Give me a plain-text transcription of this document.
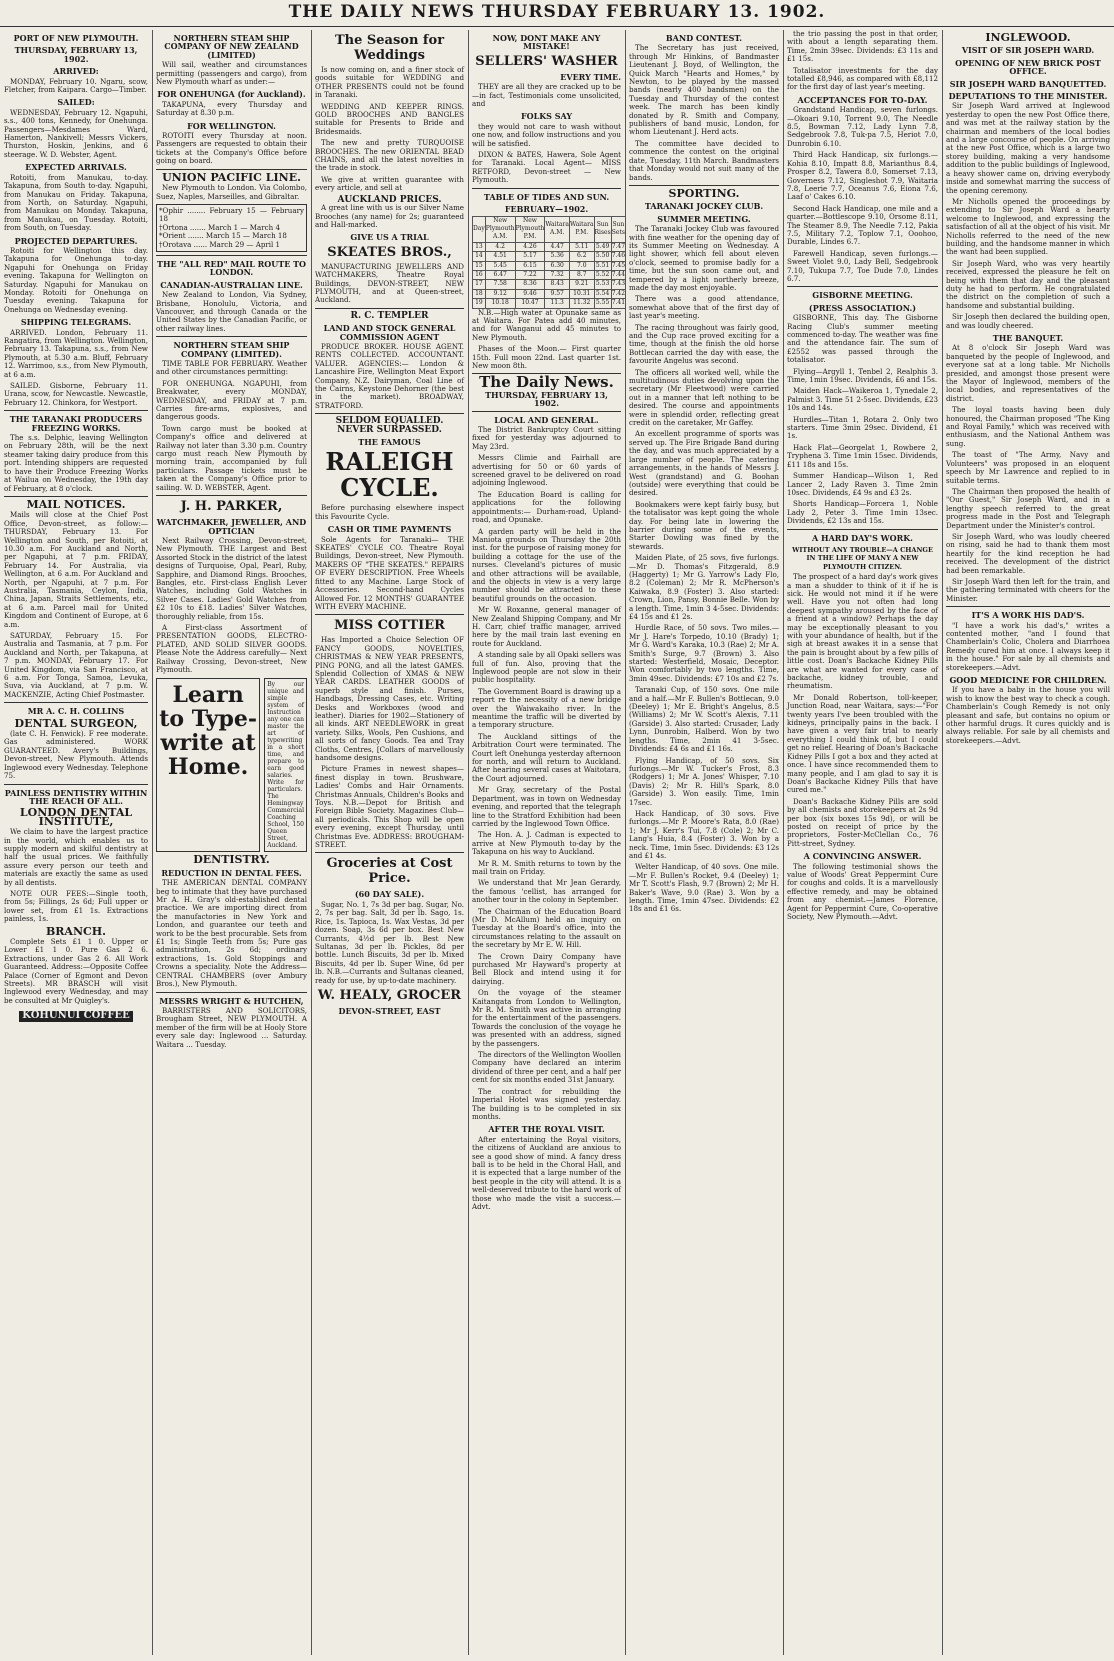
THE DAILY NEWS THURSDAY FEBRUARY 13. 1902.
PORT OF NEW PLYMOUTH.
THURSDAY, FEBRUARY 13, 1902.
ARRIVED:

MONDAY, February 10. Ngaru, scow, Fletcher, from Kaipara. Cargo—Timber.

SAILED:

WEDNESDAY, February 12. Ngapuhi, s.s., 400 tons, Kennedy, for Onehunga. Passengers—Mesdames Ward, Hamerton, Nankivell; Messrs Vickers, Thurston, Hoskin, Jenkins, and 6 steerage. W. D. Webster, Agent.

EXPECTED ARRIVALS.

Rotoiti, from Manukau, to-day. Takapuna, from South to-day. Ngapuhi, from Manukau on Friday. Takapuna, from North, on Saturday. Ngapuhi, from Manukau on Monday. Takapuna, from Manukau, on Tuesday. Rotoiti, from South, on Tuesday.

PROJECTED DEPARTURES.

Rotoiti for Wellington this day. Takapuna for Onehunga to-day. Ngapuhi for Onehunga on Friday evening. Takapuna for Wellington on Saturday. Ngapuhi for Manukau on Monday. Rotoiti for Onehunga on Tuesday evening. Takapuna for Onehunga on Wednesday evening.

SHIPPING TELEGRAMS.

ARRIVED. London, February 11. Rangatira, from Wellington. Wellington, February 13. Takapuna, s.s., from New Plymouth, at 5.30 a.m. Bluff, February 12. Warrimoo, s.s., from New Plymouth, at 6 a.m.

SAILED. Gisborne, February 11. Urana, scow, for Newcastle. Newcastle, February 12. Chinkora, for Westport.

THE TARANAKI PRODUCERS FREEZING WORKS.

The s.s. Delphic, leaving Wellington on February 28th, will be the next steamer taking dairy produce from this port. Intending shippers are requested to have their Produce Freezing Works at Wailua on Wednesday, the 19th day of February, at 8 o'clock.

MAIL NOTICES.

Mails will close at the Chief Post Office, Devon-street, as follow:— THURSDAY, February 13. For Wellington and South, per Rotoiti, at 10.30 a.m. For Auckland and North, per Ngapuhi, at 7 p.m. FRIDAY, February 14. For Australia, via Wellington, at 6 a.m. For Auckland and North, per Ngapuhi, at 7 p.m. For Australia, Tasmania, Ceylon, India, China, Japan, Straits Settlements, etc., at 6 a.m. Parcel mail for United Kingdom and Continent of Europe, at 6 a.m.

SATURDAY, February 15. For Australia and Tasmania, at 7 p.m. For Auckland and North, per Takapuna, at 7 p.m. MONDAY, February 17. For United Kingdom, via San Francisco, at 6 a.m. For Tonga, Samoa, Levuka, Suva, via Auckland, at 7 p.m. W. MACKENZIE, Acting Chief Postmaster.

MR A. C. H. COLLINS
DENTAL SURGEON,

(late C. H. Fenwick). F ree moderate. Gas administered. WORK GUARANTEED. Avery's Buildings, Devon-street, New Plymouth. Attends Inglewood every Wednesday. Telephone 75.

PAINLESS DENTISTRY WITHIN THE REACH OF ALL.
LONDON DENTAL INSTITUTE,

We claim to have the largest practice in the world, which enables us to supply modern and skilful dentistry at half the usual prices. We faithfully assure every person our teeth and materials are exactly the same as used by all dentists.

NOTE OUR FEES:—Single tooth, from 5s; Fillings, 2s 6d; Full upper or lower set, from £1 1s. Extractions painless, 1s.

BRANCH.

Complete Sets £1 1 0. Upper or Lower £1 1 0. Pure Gas 2 6. Extractions, under Gas 2 6. All Work Guaranteed. Address:—Opposite Coffee Palace (Corner of Egmont and Devon Streets). MR BRASCH will visit Inglewood every Wednesday, and may be consulted at Mr Quigley's.

KOHUNUI COFFEE
NORTHERN STEAM SHIP COMPANY OF NEW ZEALAND (LIMITED)

Will sail, weather and circumstances permitting (passengers and cargo), from New Plymouth wharf as under:—

FOR ONEHUNGA (for Auckland).

TAKAPUNA, every Thursday and Saturday at 8.30 p.m.

FOR WELLINGTON.

ROTOITI every Thursday at noon. Passengers are requested to obtain their tickets at the Company's Office before going on board.

UNION PACIFIC LINE.

New Plymouth to London. Via Colombo, Suez, Naples, Marseilles, and Gibraltar.

*Ophir ........ February 15 — February 18
†Ortona ....... March 1 — March 4
*Orient ....... March 15 — March 18
†Orotava ...... March 29 — April 1
THE "ALL RED" MAIL ROUTE TO LONDON.
CANADIAN-AUSTRALIAN LINE.

New Zealand to London, Via Sydney, Brisbane, Honolulu, Victoria, and Vancouver, and through Canada or the United States by the Canadian Pacific, or other railway lines.

NORTHERN STEAM SHIP COMPANY (LIMITED).

TIME TABLE FOR FEBRUARY. Weather and other circumstances permitting:

FOR ONEHUNGA. NGAPUHI, from Breakwater, every MONDAY, WEDNESDAY, and FRIDAY at 7 p.m. Carries fire-arms, explosives, and dangerous goods.

Town cargo must be booked at Company's office and delivered at Railway not later than 3.30 p.m. Country cargo must reach New Plymouth by morning train, accompanied by full particulars. Passage tickets must be taken at the Company's Office prior to sailing. W. D. WEBSTER, Agent.

J. H. PARKER,
WATCHMAKER, JEWELLER, AND OPTICIAN

Next Railway Crossing, Devon-street, New Plymouth. THE Largest and Best Assorted Stock in the district of the latest designs of Turquoise, Opal, Pearl, Ruby, Sapphire, and Diamond Rings. Brooches, Bangles, etc. First-class English Lever Watches, including Gold Watches in Silver Cases. Ladies' Gold Watches from £2 10s to £18. Ladies' Silver Watches, thoroughly reliable, from 15s.

A First-class Assortment of PRESENTATION GOODS, ELECTRO-PLATED, AND SOLID SILVER GOODS. Please Note the Address carefully— Next Railway Crossing, Devon-street, New Plymouth.

Learn to Type-write at Home.
By our unique and simple system of Instruction any one can master the art of typewriting in a short time, and prepare to earn good salaries. Write for particulars. The Hemingway Commercial Coaching School, 150 Queen Street, Auckland.
DENTISTRY.
REDUCTION IN DENTAL FEES.

THE AMERICAN DENTAL COMPANY beg to intimate that they have purchased Mr A. H. Gray's old-established dental practice. We are importing direct from the manufactories in New York and London, and guarantee our teeth and work to be the best procurable. Sets from £1 1s; Single Teeth from 5s; Pure gas administration, 2s 6d; ordinary extractions, 1s. Gold Stoppings and Crowns a speciality. Note the Address— CENTRAL CHAMBERS (over Ambury Bros.), New Plymouth.

MESSRS WRIGHT & HUTCHEN,

BARRISTERS AND SOLICITORS, Brougham Street, NEW PLYMOUTH. A member of the firm will be at Hooly Store every sale day: Inglewood ... Saturday. Waitara ... Tuesday.

The Season for Weddings

Is now coming on, and a finer stock of goods suitable for WEDDING and OTHER PRESENTS could not be found in Taranaki.

WEDDING AND KEEPER RINGS. GOLD BROOCHES AND BANGLES suitable for Presents to Bride and Bridesmaids.

The new and pretty TURQUOISE BROOCHES. The new ORIENTAL BEAD CHAINS, and all the latest novelties in the trade in stock.

We give at written guarantee with every article, and sell at

AUCKLAND PRICES.

A great line with us is our Silver Name Brooches (any name) for 2s; guaranteed and Hall-marked.

GIVE US A TRIAL
SKEATES BROS.,

MANUFACTURING JEWELLERS AND WATCHMAKERS, Theatre Royal Buildings, DEVON-STREET, NEW PLYMOUTH, and at Queen-street, Auckland.

R. C. TEMPLER
LAND AND STOCK GENERAL COMMISSION AGENT

PRODUCE BROKER. HOUSE AGENT. RENTS COLLECTED. ACCOUNTANT. VALUER. AGENCIES:— London & Lancashire Fire, Wellington Meat Export Company, N.Z. Dairyman, Coal Line of the Cairns, Keystone Dehorner (the best in the market). BROADWAY, STRATFORD.

SELDOM EQUALLED.
NEVER SURPASSED.
THE FAMOUS
RALEIGH CYCLE.

Before purchasing elsewhere inspect this Favourite Cycle.

CASH OR TIME PAYMENTS

Sole Agents for Taranaki— THE SKEATES' CYCLE CO. Theatre Royal Buildings, Devon-street, New Plymouth. MAKERS OF "THE SKEATES." REPAIRS OF EVERY DESCRIPTION. Free Wheels fitted to any Machine. Large Stock of Accessories. Second-hand Cycles Allowed For. 12 MONTHS' GUARANTEE WITH EVERY MACHINE.

MISS COTTIER

Has Imported a Choice Selection OF FANCY GOODS, NOVELTIES, CHRISTMAS & NEW YEAR PRESENTS, PING PONG, and all the latest GAMES. Splendid Collection of XMAS & NEW YEAR CARDS. LEATHER GOODS of superb style and finish. Purses, Handbags, Dressing Cases, etc. Writing Desks and Workboxes (wood and leather). Diaries for 1902—Stationery of all kinds. ART NEEDLEWORK in great variety. Silks, Wools, Pen Cushions, and all sorts of fancy Goods. Tea and Tray Cloths, Centres, [Collars of marvellously handsome designs.

Picture Frames in newest shapes—finest display in town. Brushware, Ladies' Combs and Hair Ornaments. Christmas Annuals, Children's Books and Toys. N.B.—Depot for British and Foreign Bible Society. Magazines Club—all periodicals. This Shop will be open every evening, except Thursday, until Christmas Eve. ADDRESS: BROUGHAM-STREET.

Groceries at Cost Price.
(60 DAY SALE).

Sugar, No. 1, 7s 3d per bag. Sugar, No. 2, 7s per bag. Salt, 3d per lb. Sago, 1s. Rice, 1s. Tapioca, 1s. Wax Vestas, 3d per dozen. Soap, 3s 6d per box. Best New Currants, 4½d per lb. Best New Sultanas, 3d per lb. Pickles, 8d per bottle. Lunch Biscuits, 3d per lb. Mixed Biscuits, 4d per lb. Super Wine, 6d per lb. N.B.—Currants and Sultanas cleaned, ready for use, by up-to-date machinery.

W. HEALY, GROCER
DEVON-STREET, EAST
NOW, DONT MAKE ANY MISTAKE!
SELLERS' WASHER
EVERY TIME.

THEY are all they are cracked up to be—in fact, Testimonials come unsolicited, and

FOLKS SAY

they would not care to wash without one now, and follow instructions and you will be satisfied.

DIXON & BATES, Hawera, Sole Agent for Taranaki. Local Agent— MISS RETFORD, Devon-street — New Plymouth.

TABLE OF TIDES AND SUN.
FEBRUARY—1902.
Day	New Plymouth A.M.	New Plymouth P.M.	Waitara A.M.	Waitara P.M.	Sun Rises	Sun Sets
13	4.2	4.26	4.47	5.11	5.49	7.47
14	4.51	5.17	5.36	6.2	5.50	7.46
15	5.45	6.15	6.30	7.0	5.51	7.45
16	6.47	7.22	7.32	8.7	5.52	7.44
17	7.58	8.36	8.43	9.21	5.53	7.43
18	9.12	9.46	9.57	10.31	5.54	7.42
19	10.18	10.47	11.3	11.32	5.55	7.41

N.B.—High water at Opunake same as at Waitara. For Patea add 40 minutes, and for Wanganui add 45 minutes to New Plymouth.

Phases of the Moon.— First quarter 15th. Full moon 22nd. Last quarter 1st. New moon 8th.

The Daily News.
THURSDAY, FEBRUARY 13, 1902.
LOCAL AND GENERAL.

The District Bankruptcy Court sitting fixed for yesterday was adjourned to May 23rd.

Messrs Climie and Fairhall are advertising for 50 or 60 yards of screened gravel to be delivered on road adjoining Inglewood.

The Education Board is calling for applications for the following appointments:— Durham-road, Upland-road, and Opunake.

A garden party will be held in the Maniota grounds on Thursday the 20th inst. for the purpose of raising money for building a cottage for the use of the nurses. Cleveland's pictures of music and other attractions will be available, and the objects in view is a very large number should be attracted to these beautiful grounds on the occasion.

Mr W. Roxanne, general manager of New Zealand Shipping Company, and Mr H. Carr, chief traffic manager, arrived here by the mail train last evening en route for Auckland.

A standing sale by all Opaki sellers was full of fun. Also, proving that the Inglewood people are not slow in their public hospitality.

The Government Board is drawing up a report re the necessity of a new bridge over the Waiwakaiho river. In the meantime the traffic will be diverted by a temporary structure.

The Auckland sittings of the Arbitration Court were terminated. The Court left Onehunga yesterday afternoon for north, and will return to Auckland. After hearing several cases at Waitotara, the Court adjourned.

Mr Gray, secretary of the Postal Department, was in town on Wednesday evening, and reported that the telegraph line to the Stratford Exhibition had been carried by the Inglewood Town Office.

The Hon. A. J. Cadman is expected to arrive at New Plymouth to-day by the Takapuna on his way to Auckland.

Mr R. M. Smith returns to town by the mail train on Friday.

We understand that Mr Jean Gerardy, the famous 'cellist, has arranged for another tour in the colony in September.

The Chairman of the Education Board (Mr D. McAllum) held an inquiry on Tuesday at the Board's office, into the circumstances relating to the assault on the secretary by Mr E. W. Hill.

The Crown Dairy Company have purchased Mr Hayward's property at Bell Block and intend using it for dairying.

On the voyage of the steamer Kaitangata from London to Wellington, Mr R. M. Smith was active in arranging for the entertainment of the passengers. Towards the conclusion of the voyage he was presented with an address, signed by the passengers.

The directors of the Wellington Woollen Company have declared an interim dividend of three per cent, and a half per cent for six months ended 31st January.

The contract for rebuilding the Imperial Hotel was signed yesterday. The building is to be completed in six months.

AFTER THE ROYAL VISIT.

After entertaining the Royal visitors, the citizens of Auckland are anxious to see a good show of mind. A fancy dress ball is to be held in the Choral Hall, and it is expected that a large number of the best people in the city will attend. It is a well-deserved tribute to the hard work of those who made the visit a success.—Advt.

BAND CONTEST.

The Secretary has just received, through Mr Hinkins, of Bandmaster Lieutenant J. Boyd, of Wellington, the Quick March "Hearts and Homes," by Newton, to be played by the massed bands (nearly 400 bandsmen) on the Tuesday and Thursday of the contest week. The march has been kindly donated by R. Smith and Company, publishers of band music, London, for whom Lieutenant J. Herd acts.

The committee have decided to commence the contest on the original date, Tuesday, 11th March. Bandmasters that Monday would not suit many of the bands.

SPORTING.
TARANAKI JOCKEY CLUB.
SUMMER MEETING.

The Taranaki Jockey Club was favoured with fine weather for the opening day of its Summer Meeting on Wednesday. A light shower, which fell about eleven o'clock, seemed to promise badly for a time, but the sun soon came out, and tempered by a light northerly breeze, made the day most enjoyable.

There was a good attendance, somewhat above that of the first day of last year's meeting.

The racing throughout was fairly good, and the Cup race proved exciting for a time, though at the finish the old horse Bottlecan carried the day with ease, the favourite Angelus was second.

The officers all worked well, while the multitudinous duties devolving upon the secretary (Mr Fleetwood) were carried out in a manner that left nothing to be desired. The course and appointments were in splendid order, reflecting great credit on the caretaker, Mr Gaffey.

An excellent programme of sports was served up. The Fire Brigade Band during the day, and was much appreciated by a large number of people. The catering arrangements, in the hands of Messrs J. West (grandstand) and G. Boohan (outside) were everything that could be desired.

Bookmakers were kept fairly busy, but the totalisator was kept going the whole day. For being late in lowering the barrier during some of the events, Starter Dowling was fined by the stewards.

Maiden Plate, of 25 sovs, five furlongs. —Mr D. Thomas's Fitzgerald, 8.9 (Haggerty) 1; Mr G. Yarrow's Lady Flo, 8.2 (Coleman) 2; Mr R. McPherson's Kaiwaka, 8.9 (Foster) 3. Also started: Crown, Lion, Pansy, Bonnie Belle. Won by a length. Time, 1min 3 4-5sec. Dividends: £4 15s and £1 2s.

Hurdle Race, of 50 sovs. Two miles.— Mr J. Hare's Torpedo, 10.10 (Brady) 1; Mr G. Ward's Karaka, 10.3 (Rae) 2; Mr A. Smith's Surge, 9.7 (Brown) 3. Also started: Westerfield, Mosaic, Deceptor. Won comfortably by two lengths. Time, 3min 49sec. Dividends: £7 10s and £2 7s.

Taranaki Cup, of 150 sovs. One mile and a half.—Mr F. Bullen's Bottlecan, 9.0 (Deeley) 1; Mr E. Bright's Angelus, 8.5 (Williams) 2; Mr W. Scott's Alexis, 7.11 (Garside) 3. Also started: Crusader, Lady Lynn, Dunrobin, Halberd. Won by two lengths. Time, 2min 41 3-5sec. Dividends: £4 6s and £1 16s.

Flying Handicap, of 50 sovs. Six furlongs.—Mr W. Tucker's Frost, 8.3 (Rodgers) 1; Mr A. Jones' Whisper, 7.10 (Davis) 2; Mr R. Hill's Spark, 8.0 (Garside) 3. Won easily. Time, 1min 17sec.

Hack Handicap, of 30 sovs. Five furlongs.—Mr P. Moore's Rata, 8.0 (Rae) 1; Mr J. Kerr's Tui, 7.8 (Cole) 2; Mr C. Lang's Huia, 8.4 (Foster) 3. Won by a neck. Time, 1min 5sec. Dividends: £3 12s and £1 4s.

Welter Handicap, of 40 sovs. One mile.—Mr F. Bullen's Rocket, 9.4 (Deeley) 1; Mr T. Scott's Flash, 9.7 (Brown) 2; Mr H. Baker's Wave, 9.0 (Rae) 3. Won by a length. Time, 1min 47sec. Dividends: £2 18s and £1 6s.

the trio passing the post in that order, with about a length separating them. Time, 2min 39sec. Dividends: £3 11s and £1 15s.

Totalisator investments for the day totalled £8,946, as compared with £8,112 for the first day of last year's meeting.

ACCEPTANCES FOR TO-DAY.

Grandstand Handicap, seven furlongs.—Okoari 9.10, Torrent 9.0, The Needle 8.5, Bowman 7.12, Lady Lynn 7.8, Sedgebrook 7.8, Tuk-pa 7.5, Heriot 7.0, Dunrobin 6.10.

Third Hack Handicap, six furlongs.—Kohia 8.10, Impatt 8.8, Marianthus 8.4, Prosper 8.2, Tawera 8.0, Somerset 7.13, Governess 7.12, Singleshot 7.9, Waitaria 7.8, Leerie 7.7, Oceanus 7.6, Eiona 7.6, Laaf o' Cakes 6.10.

Second Hack Handicap, one mile and a quarter.—Bottlescope 9.10, Orsome 8.11, The Steamer 8.9, The Needle 7.12, Pakia 7.5, Military 7.2, Toplow 7.1, Ooohoo, Durable, Lindes 6.7.

Farewell Handicap, seven furlongs.—Sweet Violet 9.0, Lady Bell, Sedgebrook 7.10, Tukupa 7.7, Toe Dude 7.0, Lindes 6.7.

GISBORNE MEETING.
(PRESS ASSOCIATION.)

GISBORNE, This day. The Gisborne Racing Club's summer meeting commenced to-day. The weather was fine and the attendance fair. The sum of £2552 was passed through the totalisator.

Flying—Argyll 1, Tenbel 2, Realphis 3. Time, 1min 19sec. Dividends, £6 and 15s.

Maiden Hack—Waikeroa 1, Tynedale 2, Palmist 3. Time 51 2-5sec. Dividends, £23 10s and 14s.

Hurdles—Titan 1, Rotara 2. Only two starters. Time 3min 29sec. Dividend, £1 1s.

Hack Flat—Georgelat 1, Rowbere 2, Tryphena 3. Time 1min 15sec. Dividends, £11 18s and 15s.

Summer Handicap—Wilson 1, Red Lancer 2, Lady Raven 3. Time 2min 10sec. Dividends, £4 9s and £3 2s.

Shorts Handicap—Forcera 1, Noble Lady 2, Peter 3. Time 1min 13sec. Dividends, £2 13s and 15s.

A HARD DAY'S WORK.
WITHOUT ANY TROUBLE—A CHANGE IN THE LIFE OF MANY A NEW PLYMOUTH CITIZEN.

The prospect of a hard day's work gives a man a shudder to think of it if he is sick. He would not mind it if he were well. Have you not often had long deepest sympathy aroused by the face of a friend at a window? Perhaps the day may be exceptionally pleasant to you with your abundance of health, but if the sigh at breast awakes it in a sense that the pain is brought about by a few pills of little cost. Doan's Backache Kidney Pills are what are wanted for every case of backache, kidney trouble, and rheumatism.

Mr Donald Robertson, toll-keeper, Junction Road, near Waitara, says:—"For twenty years I've been troubled with the kidneys, principally pains in the back. I have given a very fair trial to nearly everything I could think of, but I could get no relief. Hearing of Doan's Backache Kidney Pills I got a box and they acted at once. I have since recommended them to many people, and I am glad to say it is Doan's Backache Kidney Pills that have cured me."

Doan's Backache Kidney Pills are sold by all chemists and storekeepers at 2s 9d per box (six boxes 15s 9d), or will be posted on receipt of price by the proprietors, Foster-McClellan Co., 76 Pitt-street, Sydney.

A CONVINCING ANSWER.

The following testimonial shows the value of Woods' Great Peppermint Cure for coughs and colds. It is a marvellously effective remedy, and may be obtained from any chemist.—James Florence, Agent for Peppermint Cure, Co-operative Society, New Plymouth.—Advt.

INGLEWOOD.
VISIT OF SIR JOSEPH WARD.
OPENING OF NEW BRICK POST OFFICE.
SIR JOSEPH WARD BANQUETTED.
DEPUTATIONS TO THE MINISTER.

Sir Joseph Ward arrived at Inglewood yesterday to open the new Post Office there, and was met at the railway station by the chairman and members of the local bodies and a large concourse of people. On arriving at the new Post Office, which is a large two storey building, making a very handsome addition to the public buildings of Inglewood, a heavy shower came on, driving everybody inside and somewhat marring the success of the opening ceremony.

Mr Nicholls opened the proceedings by extending to Sir Joseph Ward a hearty welcome to Inglewood, and expressing the satisfaction of all at the object of his visit. Mr Nicholls referred to the need of the new building, and the handsome manner in which the want had been supplied.

Sir Joseph Ward, who was very heartily received, expressed the pleasure he felt on being with them that day and the pleasant duty he had to perform. He congratulated the district on the completion of such a handsome and substantial building.

Sir Joseph then declared the building open, and was loudly cheered.

THE BANQUET.

At 8 o'clock Sir Joseph Ward was banqueted by the people of Inglewood, and everyone sat at a long table. Mr Nicholls presided, and amongst those present were the Mayor of Inglewood, members of the local bodies, and representatives of the district.

The loyal toasts having been duly honoured, the Chairman proposed "The King and Royal Family," which was received with enthusiasm, and the National Anthem was sung.

The toast of "The Army, Navy and Volunteers" was proposed in an eloquent speech by Mr Lawrence and replied to in suitable terms.

The Chairman then proposed the health of "Our Guest," Sir Joseph Ward, and in a lengthy speech referred to the great progress made in the Post and Telegraph Department under the Minister's control.

Sir Joseph Ward, who was loudly cheered on rising, said he had to thank them most heartily for the kind reception he had received. The development of the district had been remarkable.

Sir Joseph Ward then left for the train, and the gathering terminated with cheers for the Minister.

IT'S A WORK HIS DAD'S.

"I have a work his dad's," writes a contented mother, "and I found that Chamberlain's Colic, Cholera and Diarrhoea Remedy cured him at once. I always keep it in the house." For sale by all chemists and storekeepers.—Advt.

GOOD MEDICINE FOR CHILDREN.

If you have a baby in the house you will wish to know the best way to check a cough. Chamberlain's Cough Remedy is not only pleasant and safe, but contains no opium or other harmful drugs. It cures quickly and is always reliable. For sale by all chemists and storekeepers.—Advt.
